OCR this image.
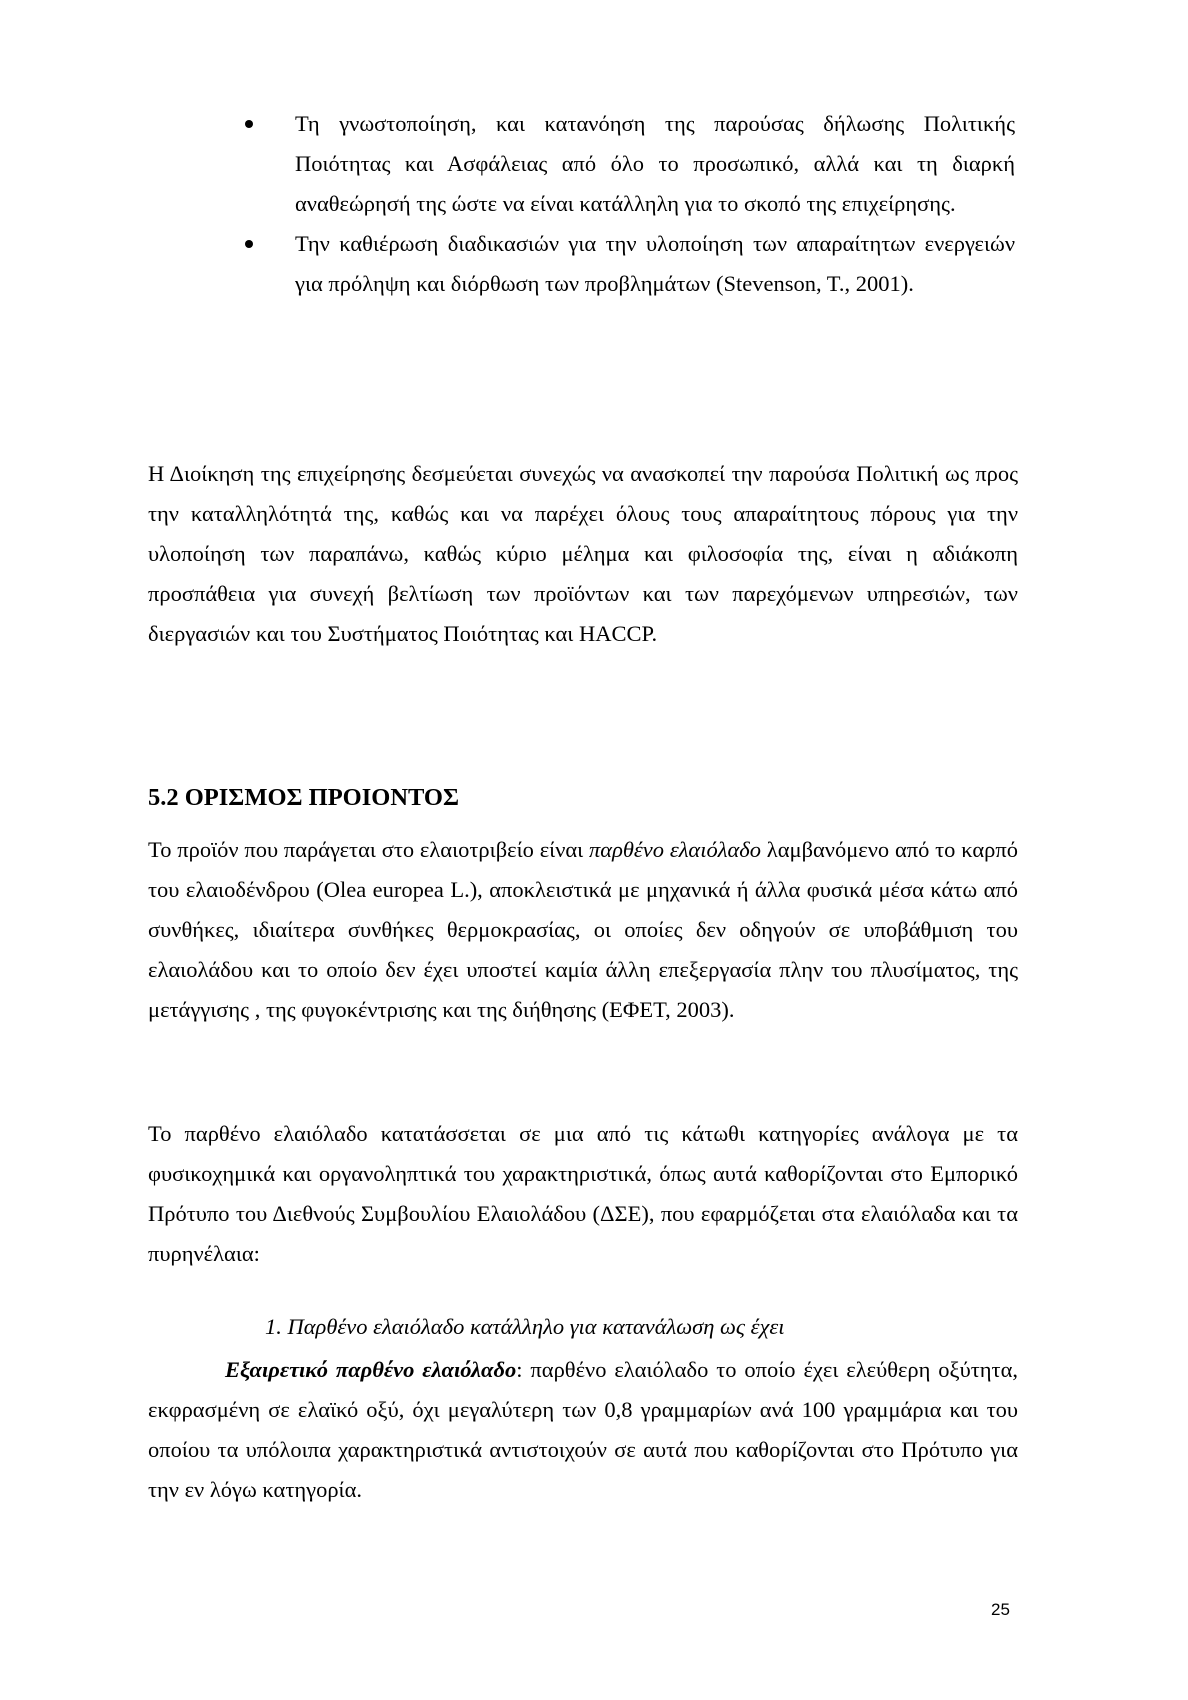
Τη γνωστοποίηση, και κατανόηση της παρούσας δήλωσης Πολιτικής Ποιότητας και Ασφάλειας από όλο το προσωπικό, αλλά και τη διαρκή αναθεώρησή της ώστε να είναι κατάλληλη για το σκοπό της επιχείρησης.
Την καθιέρωση διαδικασιών για την υλοποίηση των απαραίτητων ενεργειών για πρόληψη και διόρθωση των προβλημάτων (Stevenson, T., 2001).

Η Διοίκηση της επιχείρησης δεσμεύεται συνεχώς να ανασκοπεί την παρούσα Πολιτική ως προς την καταλληλότητά της, καθώς και να παρέχει όλους τους απαραίτητους πόρους για την υλοποίηση των παραπάνω, καθώς κύριο μέλημα και φιλοσοφία της, είναι η αδιάκοπη προσπάθεια για συνεχή βελτίωση των προϊόντων και των παρεχόμενων υπηρεσιών, των διεργασιών και του Συστήματος Ποιότητας και HACCP.

5.2 ΟΡΙΣΜΟΣ ΠΡΟΙΟΝΤΟΣ

Το προϊόν που παράγεται στο ελαιοτριβείο είναι παρθένο ελαιόλαδο λαμβανόμενο από το καρπό του ελαιοδένδρου (Olea europea L.), αποκλειστικά με μηχανικά ή άλλα φυσικά μέσα κάτω από συνθήκες, ιδιαίτερα συνθήκες θερμοκρασίας, οι οποίες δεν οδηγούν σε υποβάθμιση του ελαιολάδου και το οποίο δεν έχει υποστεί καμία άλλη επεξεργασία πλην του πλυσίματος, της μετάγγισης , της φυγοκέντρισης και της διήθησης (ΕΦΕΤ, 2003).

Το παρθένο ελαιόλαδο κατατάσσεται σε μια από τις κάτωθι κατηγορίες ανάλογα με τα φυσικοχημικά και οργανοληπτικά του χαρακτηριστικά, όπως αυτά καθορίζονται στο Εμπορικό Πρότυπο του Διεθνούς Συμβουλίου Ελαιολάδου (ΔΣΕ), που εφαρμόζεται στα ελαιόλαδα και τα πυρηνέλαια:

1. Παρθένο ελαιόλαδο κατάλληλο για κατανάλωση ως έχει

Εξαιρετικό παρθένο ελαιόλαδο: παρθένο ελαιόλαδο το οποίο έχει ελεύθερη οξύτητα, εκφρασμένη σε ελαϊκό οξύ, όχι μεγαλύτερη των 0,8 γραμμαρίων ανά 100 γραμμάρια και του οποίου τα υπόλοιπα χαρακτηριστικά αντιστοιχούν σε αυτά που καθορίζονται στο Πρότυπο για την εν λόγω κατηγορία.

25
